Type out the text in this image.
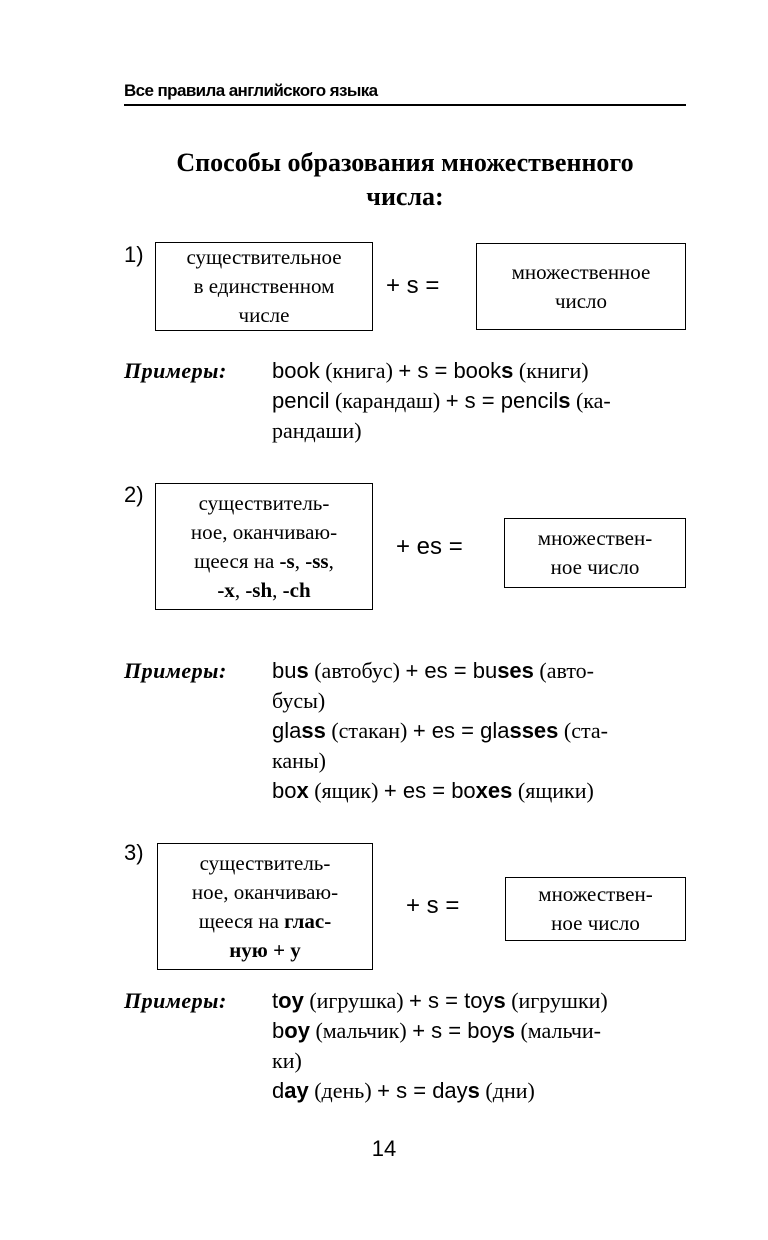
Все правила английского языка
Способы образования множественного
числа:
1) существительное
в единственном
числе
+ s =
множественное
число
Примеры: book (книга) + s = books (книги)
pencil (карандаш) + s = pencils (ка-
рандаши)
2)	существитель-
ное, оканчиваю-
щееся на -s, -ss,
-x, -sh, -ch
+ es =	множествен-
ное число
Примеры: bus (автобус) + es = buses (авто-
бусы)
glass (стакан) + es = glasses (ста-
каны)
box (ящик) + es = boxes (ящики)
3)	существитель-
ное, оканчиваю-
щееся на глас-
ную + y
+ s =	множествен-
ное число
Примеры: toy (игрушка) + s = toys (игрушки)
boy (мальчик) + s = boys (мальчи-
ки)
day (день) + s = days (дни)
14
